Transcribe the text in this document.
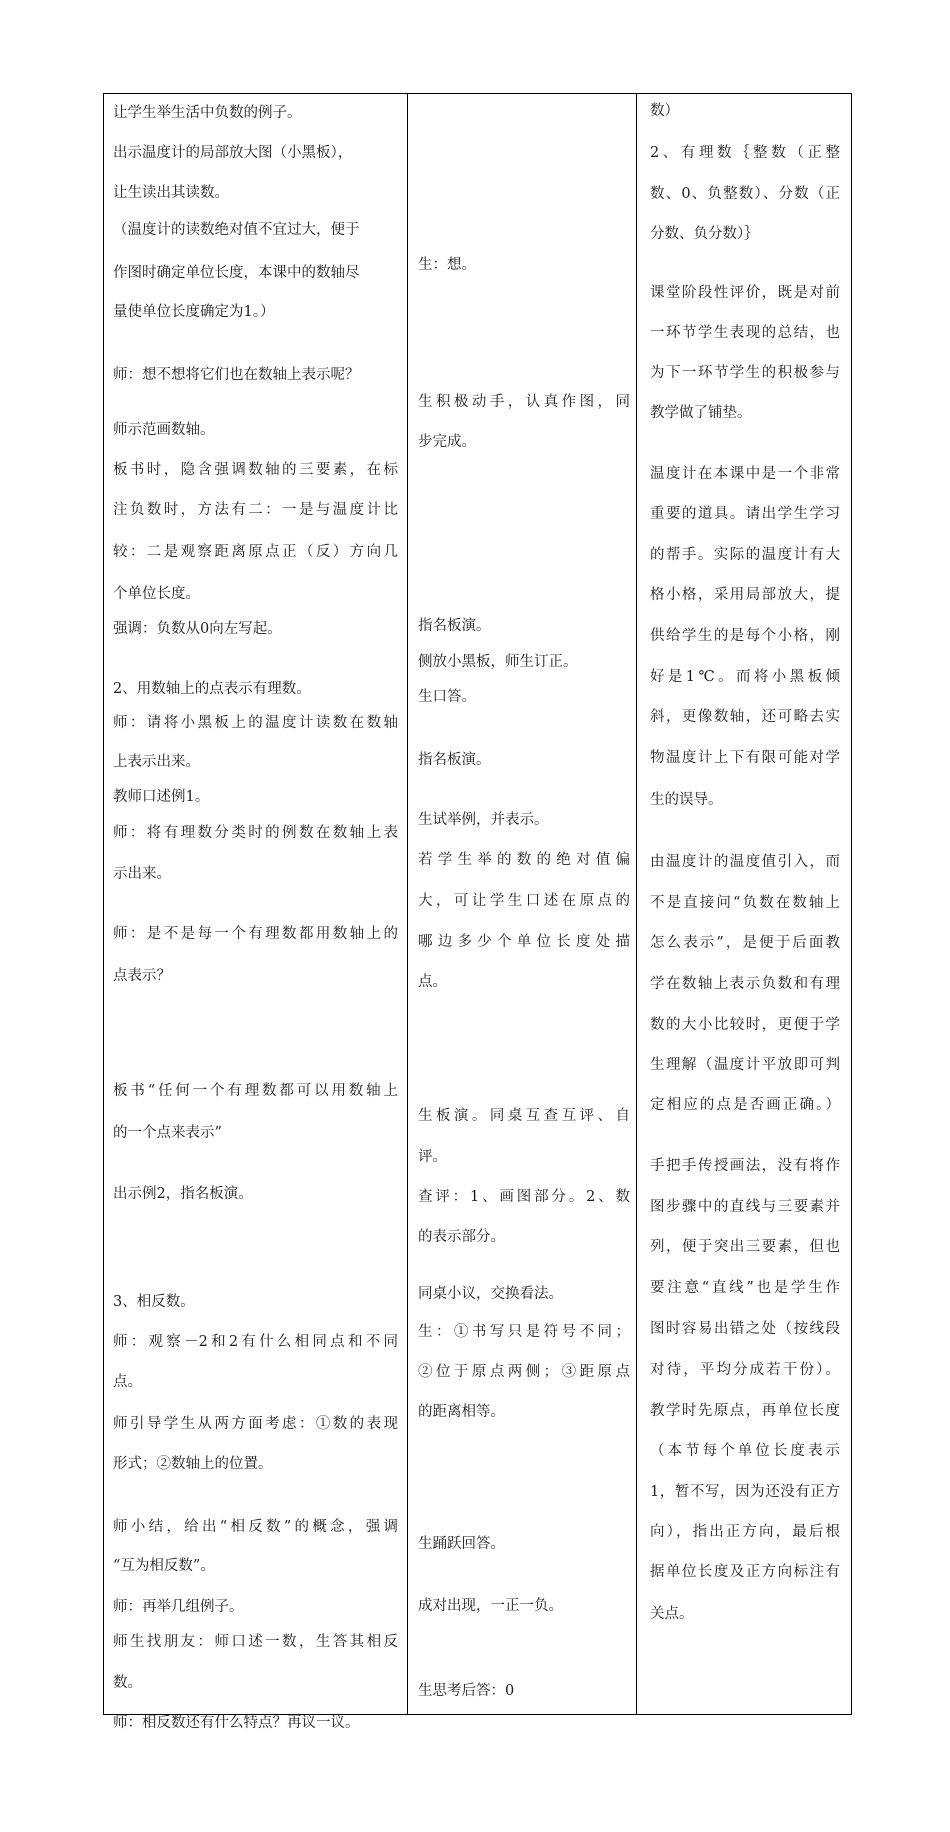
让学生举生活中负数的例子。
出示温度计的局部放大图（小黑板），
让生读出其读数。
（温度计的读数绝对值不宜过大，便于
作图时确定单位长度，本课中的数轴尽
量使单位长度确定为1。）
师：想不想将它们也在数轴上表示呢？
师示范画数轴。
板书时，隐含强调数轴的三要素，在标
注负数时，方法有二：一是与温度计比
较：二是观察距离原点正（反）方向几
个单位长度。
强调：负数从0向左写起。
2、用数轴上的点表示有理数。
师：请将小黑板上的温度计读数在数轴
上表示出来。
教师口述例1。
师：将有理数分类时的例数在数轴上表
示出来。
师：是不是每一个有理数都用数轴上的
点表示？
板书“任何一个有理数都可以用数轴上
的一个点来表示”
出示例2，指名板演。
3、相反数。
师：观察－2和2有什么相同点和不同
点。
师引导学生从两方面考虑：①数的表现
形式；②数轴上的位置。
师小结，给出“相反数”的概念，强调
“互为相反数”。
师：再举几组例子。
师生找朋友：师口述一数，生答其相反
数。
师：相反数还有什么特点？再议一议。
生：想。
生积极动手，认真作图，同
步完成。
指名板演。
侧放小黑板，师生订正。
生口答。
指名板演。
生试举例，并表示。
若学生举的数的绝对值偏
大，可让学生口述在原点的
哪边多少个单位长度处描
点。
生板演。同桌互查互评、自
评。
查评：1、画图部分。2、数
的表示部分。
同桌小议，交换看法。
生：①书写只是符号不同；
②位于原点两侧；③距原点
的距离相等。
生踊跃回答。
成对出现，一正一负。
生思考后答：0
数）
2、有理数｛整数（正整
数、0、负整数）、分数（正
分数、负分数）｝
课堂阶段性评价，既是对前
一环节学生表现的总结，也
为下一环节学生的积极参与
教学做了铺垫。
温度计在本课中是一个非常
重要的道具。请出学生学习
的帮手。实际的温度计有大
格小格，采用局部放大，提
供给学生的是每个小格，刚
好是1℃。而将小黑板倾
斜，更像数轴，还可略去实
物温度计上下有限可能对学
生的误导。
由温度计的温度值引入，而
不是直接问“负数在数轴上
怎么表示”，是便于后面教
学在数轴上表示负数和有理
数的大小比较时，更便于学
生理解（温度计平放即可判
定相应的点是否画正确。）
手把手传授画法，没有将作
图步骤中的直线与三要素并
列，便于突出三要素，但也
要注意“直线”也是学生作
图时容易出错之处（按线段
对待，平均分成若干份）。
教学时先原点，再单位长度
（本节每个单位长度表示
1，暂不写，因为还没有正方
向），指出正方向，最后根
据单位长度及正方向标注有
关点。
